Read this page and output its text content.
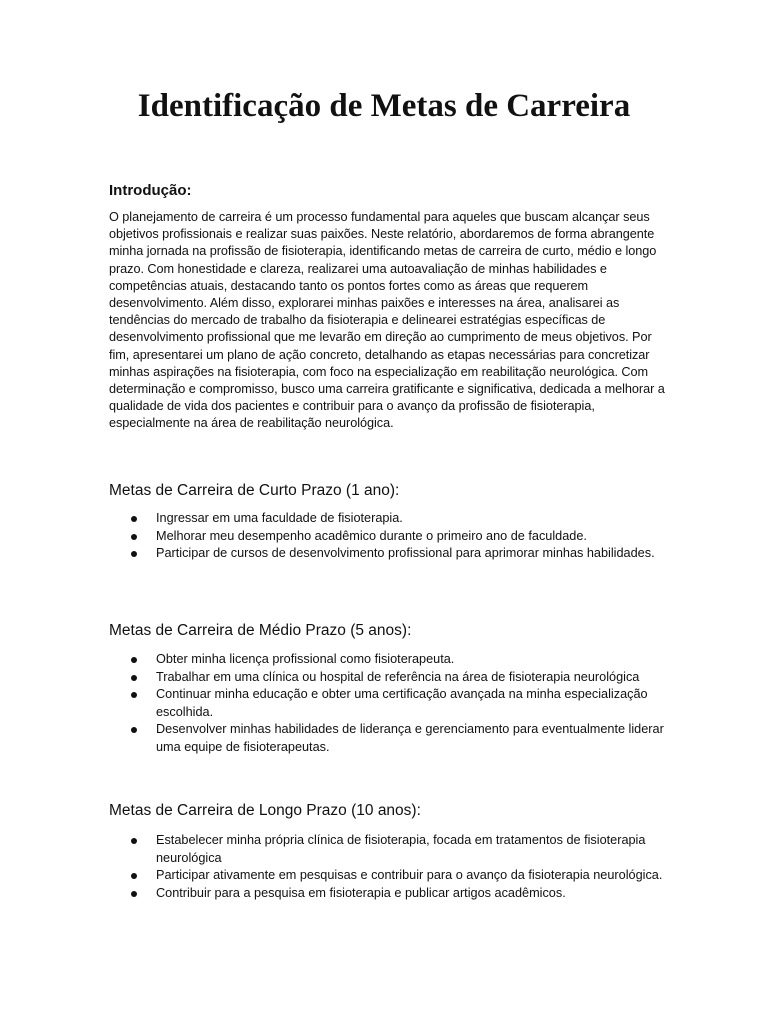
Identificação de Metas de Carreira
Introdução:

O planejamento de carreira é um processo fundamental para aqueles que buscam alcançar seus objetivos profissionais e realizar suas paixões. Neste relatório, abordaremos de forma abrangente minha jornada na profissão de fisioterapia, identificando metas de carreira de curto, médio e longo prazo. Com honestidade e clareza, realizarei uma autoavaliação de minhas habilidades e competências atuais, destacando tanto os pontos fortes como as áreas que requerem desenvolvimento. Além disso, explorarei minhas paixões e interesses na área, analisarei as tendências do mercado de trabalho da fisioterapia e delinearei estratégias específicas de desenvolvimento profissional que me levarão em direção ao cumprimento de meus objetivos. Por fim, apresentarei um plano de ação concreto, detalhando as etapas necessárias para concretizar minhas aspirações na fisioterapia, com foco na especialização em reabilitação neurológica. Com determinação e compromisso, busco uma carreira gratificante e significativa, dedicada a melhorar a qualidade de vida dos pacientes e contribuir para o avanço da profissão de fisioterapia, especialmente na área de reabilitação neurológica.

Metas de Carreira de Curto Prazo (1 ano):
Ingressar em uma faculdade de fisioterapia.
Melhorar meu desempenho acadêmico durante o primeiro ano de faculdade.
Participar de cursos de desenvolvimento profissional para aprimorar minhas habilidades.
Metas de Carreira de Médio Prazo (5 anos):
Obter minha licença profissional como fisioterapeuta.
Trabalhar em uma clínica ou hospital de referência na área de fisioterapia neurológica
Continuar minha educação e obter uma certificação avançada na minha especialização escolhida.
Desenvolver minhas habilidades de liderança e gerenciamento para eventualmente liderar uma equipe de fisioterapeutas.
Metas de Carreira de Longo Prazo (10 anos):
Estabelecer minha própria clínica de fisioterapia, focada em tratamentos de fisioterapia neurológica
Participar ativamente em pesquisas e contribuir para o avanço da fisioterapia neurológica.
Contribuir para a pesquisa em fisioterapia e publicar artigos acadêmicos.
